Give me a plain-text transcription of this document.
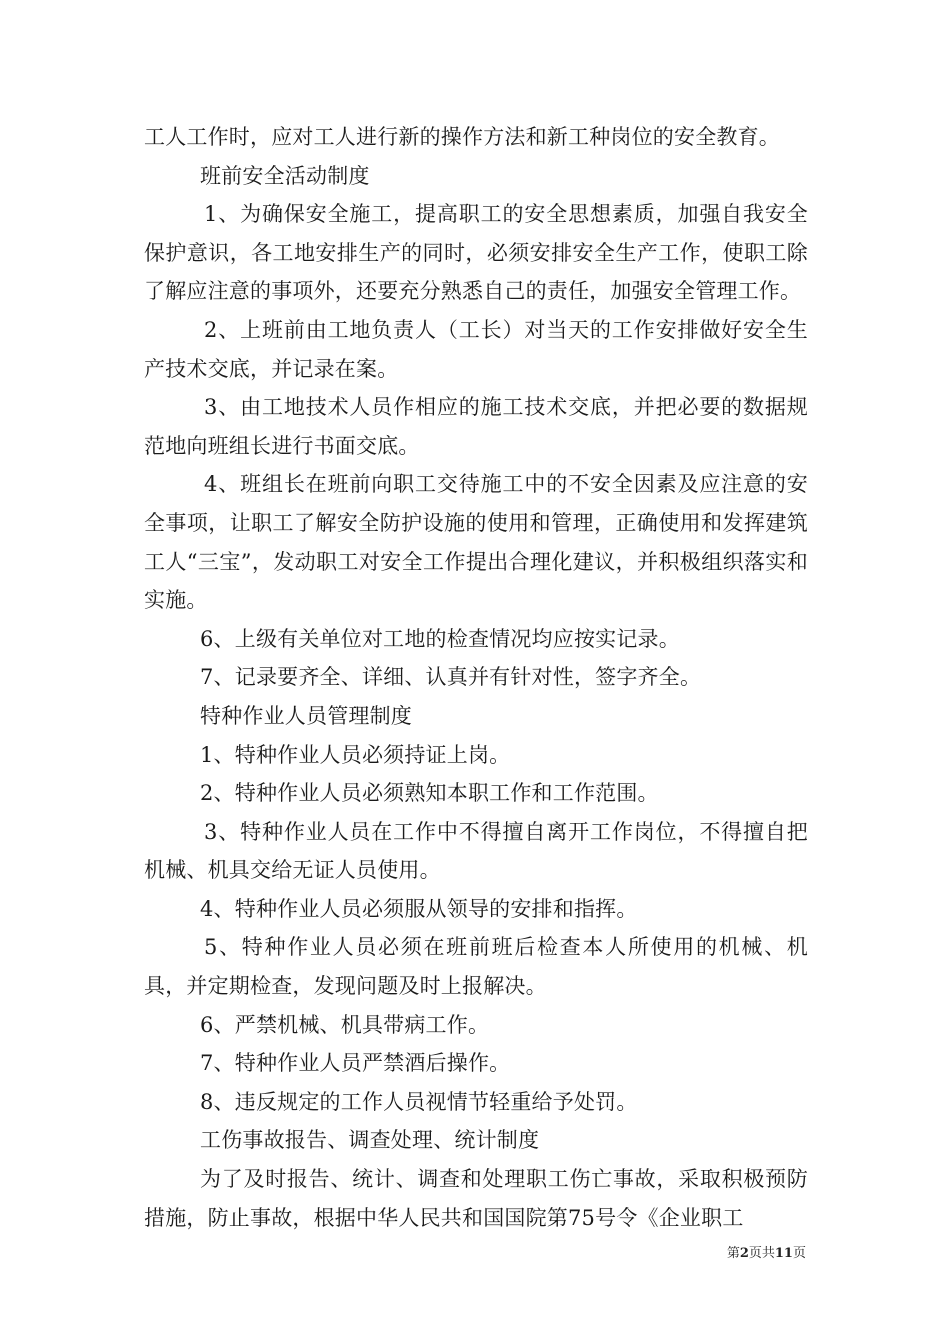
工人工作时，应对工人进行新的操作方法和新工种岗位的安全教育。

班前安全活动制度

1、为确保安全施工，提高职工的安全思想素质，加强自我安全保护意识，各工地安排生产的同时，必须安排安全生产工作，使职工除了解应注意的事项外，还要充分熟悉自己的责任，加强安全管理工作。

2、上班前由工地负责人（工长）对当天的工作安排做好安全生产技术交底，并记录在案。

3、由工地技术人员作相应的施工技术交底，并把必要的数据规范地向班组长进行书面交底。

4、班组长在班前向职工交待施工中的不安全因素及应注意的安全事项，让职工了解安全防护设施的使用和管理，正确使用和发挥建筑工人“三宝”，发动职工对安全工作提出合理化建议，并积极组织落实和实施。

6、上级有关单位对工地的检查情况均应按实记录。

7、记录要齐全、详细、认真并有针对性，签字齐全。

特种作业人员管理制度

1、特种作业人员必须持证上岗。

2、特种作业人员必须熟知本职工作和工作范围。

3、特种作业人员在工作中不得擅自离开工作岗位，不得擅自把机械、机具交给无证人员使用。

4、特种作业人员必须服从领导的安排和指挥。

5、特种作业人员必须在班前班后检查本人所使用的机械、机具，并定期检查，发现问题及时上报解决。

6、严禁机械、机具带病工作。

7、特种作业人员严禁酒后操作。

8、违反规定的工作人员视情节轻重给予处罚。

工伤事故报告、调查处理、统计制度

为了及时报告、统计、调查和处理职工伤亡事故，采取积极预防措施，防止事故，根据中华人民共和国国院第75号令《企业职工

第2页共11页
